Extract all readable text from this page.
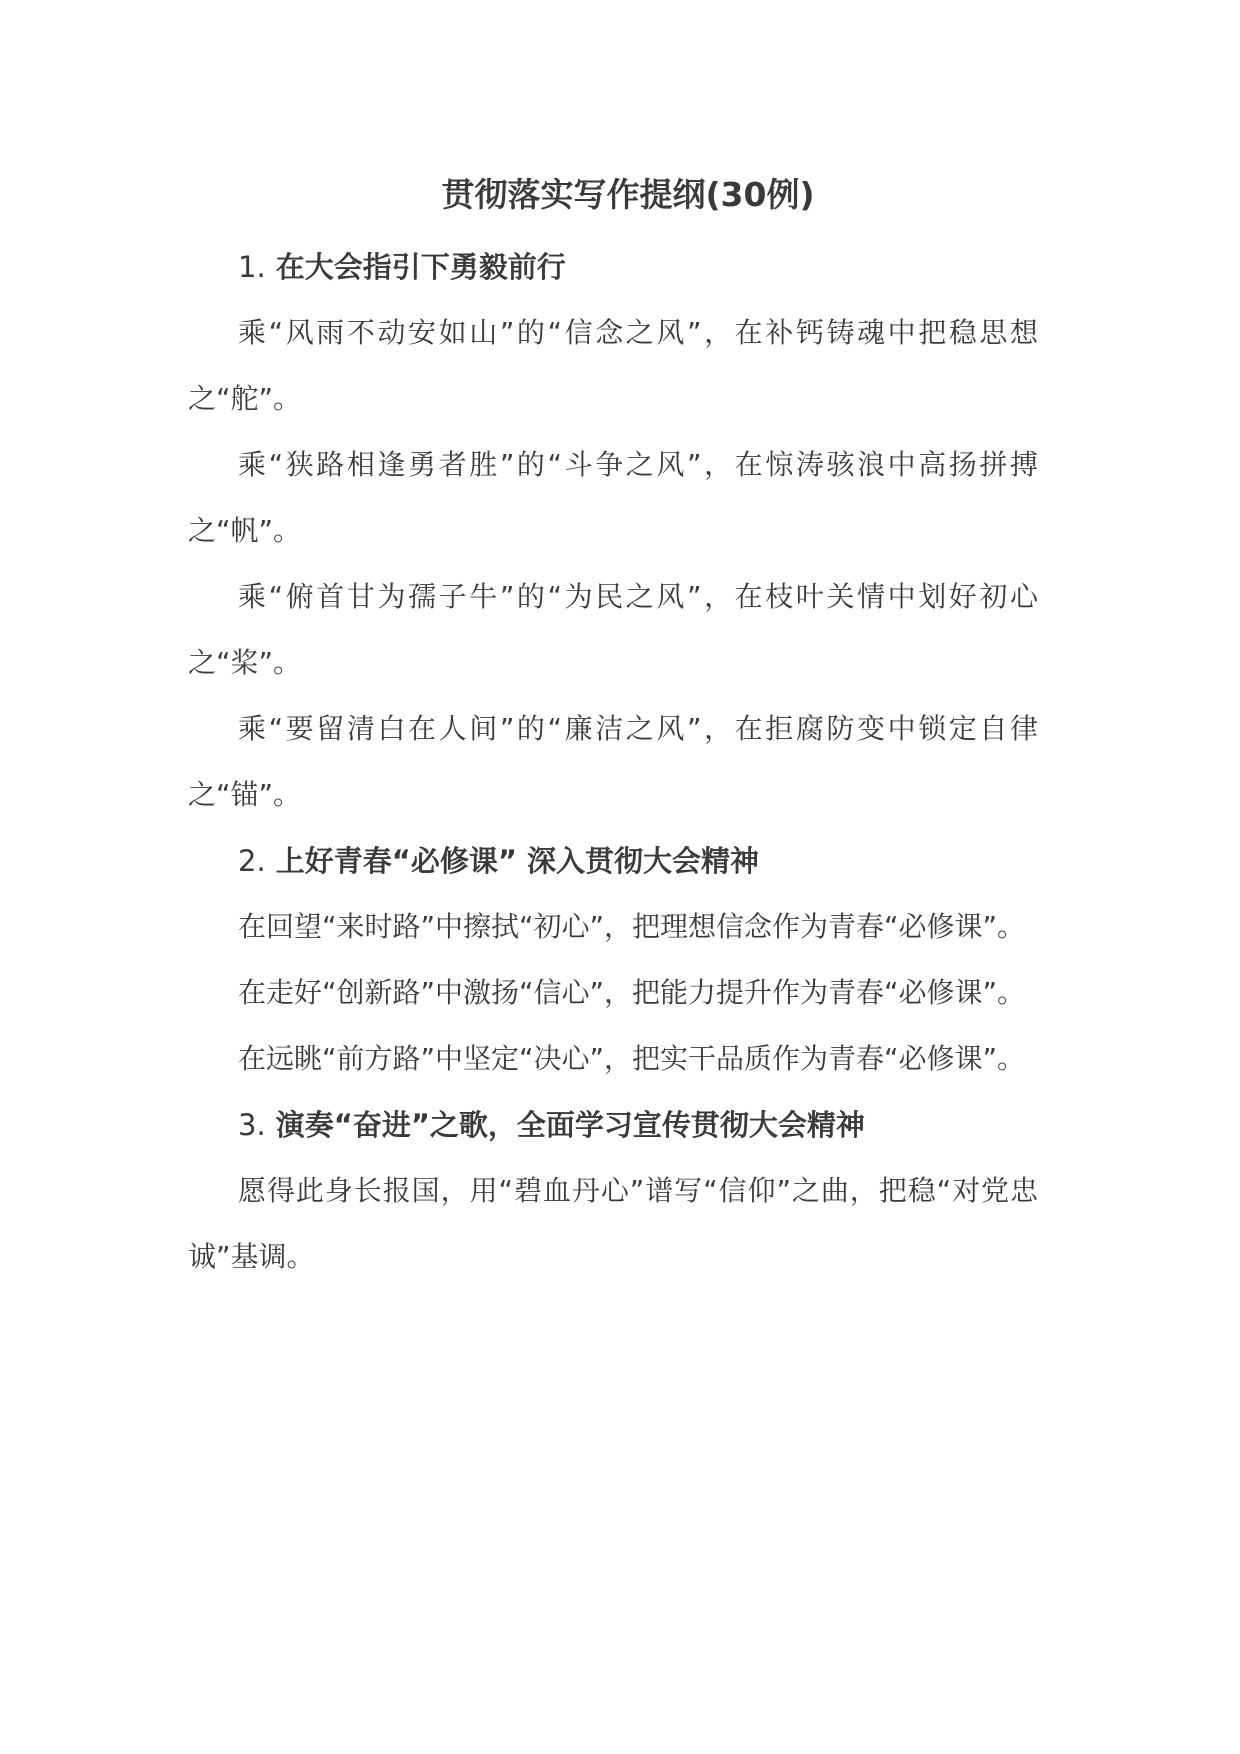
贯彻落实写作提纲(30例)
1. 在大会指引下勇毅前行

乘“风雨不动安如山”的“信念之风”，在补钙铸魂中把稳思想之“舵”。

乘“狭路相逢勇者胜”的“斗争之风”，在惊涛骇浪中高扬拼搏之“帆”。

乘“俯首甘为孺子牛”的“为民之风”，在枝叶关情中划好初心之“桨”。

乘“要留清白在人间”的“廉洁之风”，在拒腐防变中锁定自律之“锚”。

2. 上好青春“必修课” 深入贯彻大会精神

在回望“来时路”中擦拭“初心”，把理想信念作为青春“必修课”。

在走好“创新路”中激扬“信心”，把能力提升作为青春“必修课”。

在远眺“前方路”中坚定“决心”，把实干品质作为青春“必修课”。

3. 演奏“奋进”之歌，全面学习宣传贯彻大会精神

愿得此身长报国，用“碧血丹心”谱写“信仰”之曲，把稳“对党忠诚”基调。
